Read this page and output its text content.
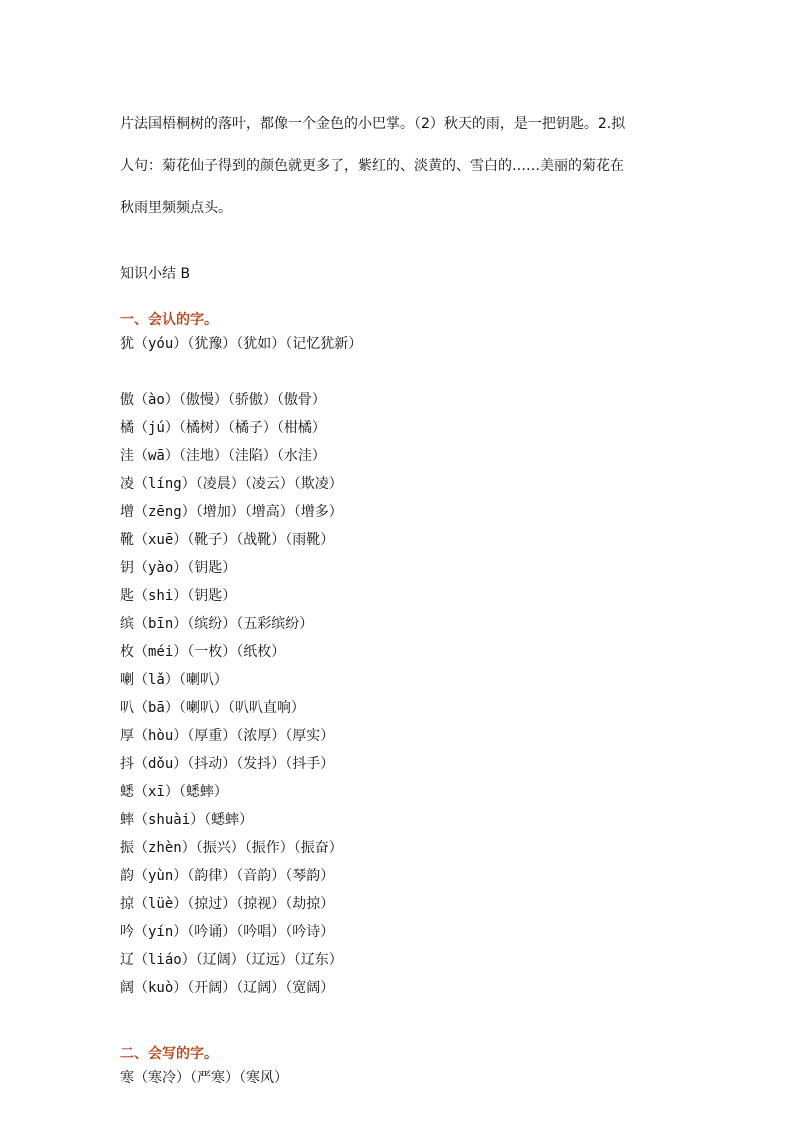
片法国梧桐树的落叶，都像一个金色的小巴掌。（2）秋天的雨，是一把钥匙。2.拟

人句：菊花仙子得到的颜色就更多了，紫红的、淡黄的、雪白的……美丽的菊花在

秋雨里频频点头。

知识小结 B
一、会认的字。
犹（yóu）（犹豫）（犹如）（记忆犹新）
傲（ào）（傲慢）（骄傲）（傲骨）
橘（jú）（橘树）（橘子）（柑橘）
洼（wā）（洼地）（洼陷）（水洼）
凌（líng）（凌晨）（凌云）（欺凌）
增（zēng）（增加）（增高）（增多）
靴（xuē）（靴子）（战靴）（雨靴）
钥（yào）（钥匙）
匙（shi）（钥匙）
缤（bīn）（缤纷）（五彩缤纷）
枚（méi）（一枚）（纸枚）
喇（lǎ）（喇叭）
叭（bā）（喇叭）（叭叭直响）
厚（hòu）（厚重）（浓厚）（厚实）
抖（dǒu）（抖动）（发抖）（抖手）
蟋（xī）（蟋蟀）
蟀（shuài）（蟋蟀）
振（zhèn）（振兴）（振作）（振奋）
韵（yùn）（韵律）（音韵）（琴韵）
掠（lüè）（掠过）（掠视）（劫掠）
吟（yín）（吟诵）（吟唱）（吟诗）
辽（liáo）（辽阔）（辽远）（辽东）
阔（kuò）（开阔）（辽阔）（宽阔）
二、会写的字。
寒（寒冷）（严寒）（寒风）
